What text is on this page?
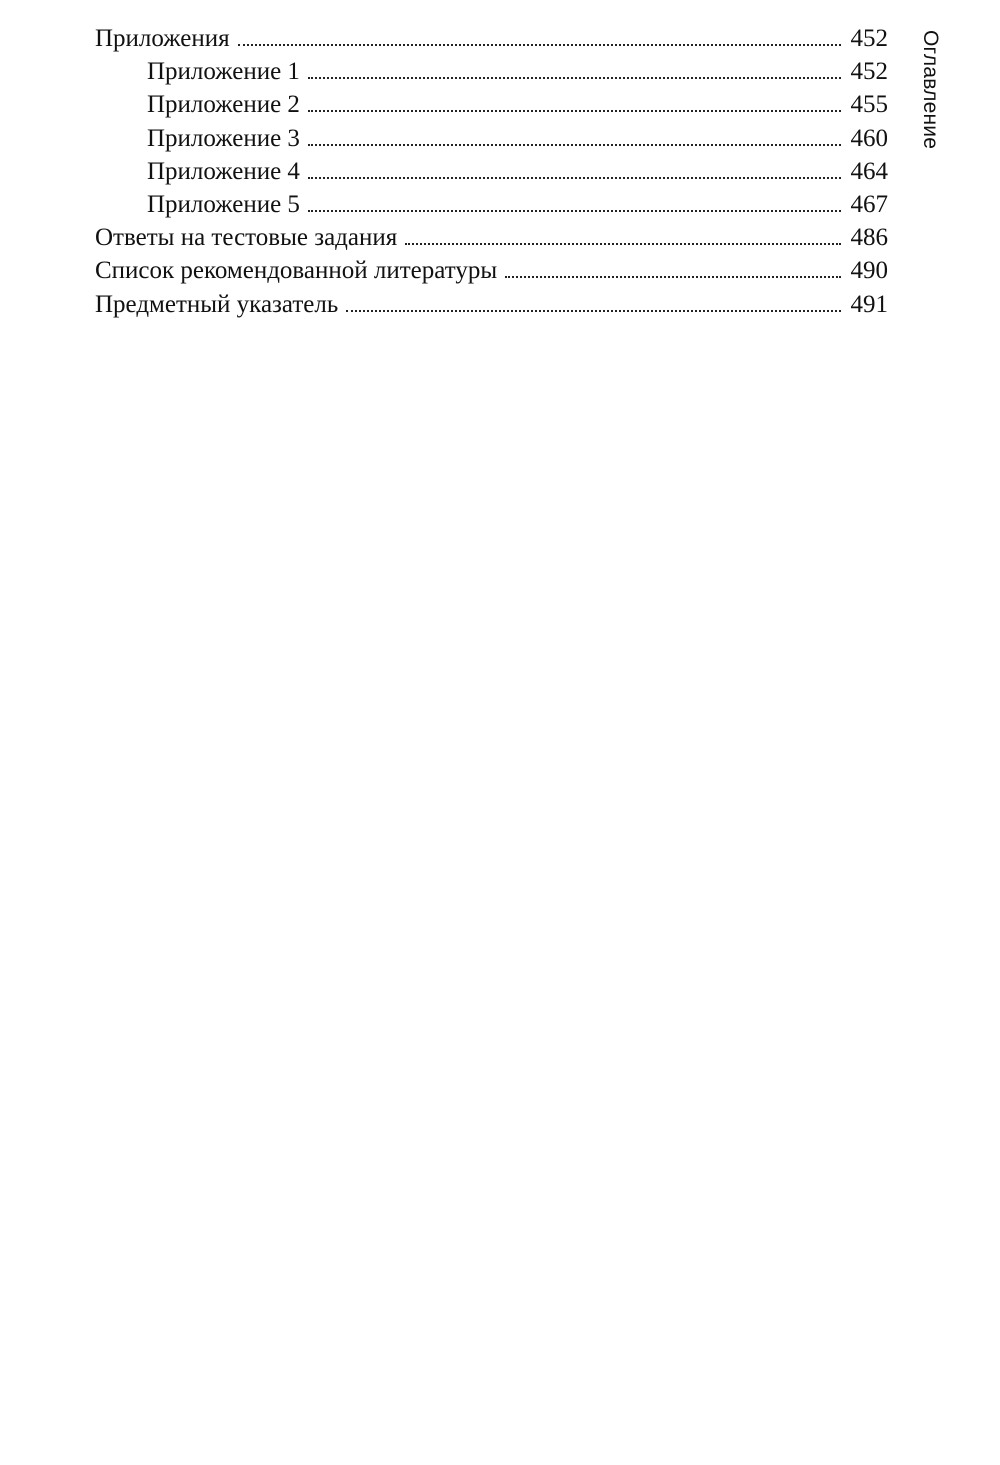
Приложения	452
Приложение 1	452
Приложение 2	455
Приложение 3	460
Приложение 4	464
Приложение 5	467
Ответы на тестовые задания	486
Список рекомендованной литературы	490
Предметный указатель	491
Оглавление
